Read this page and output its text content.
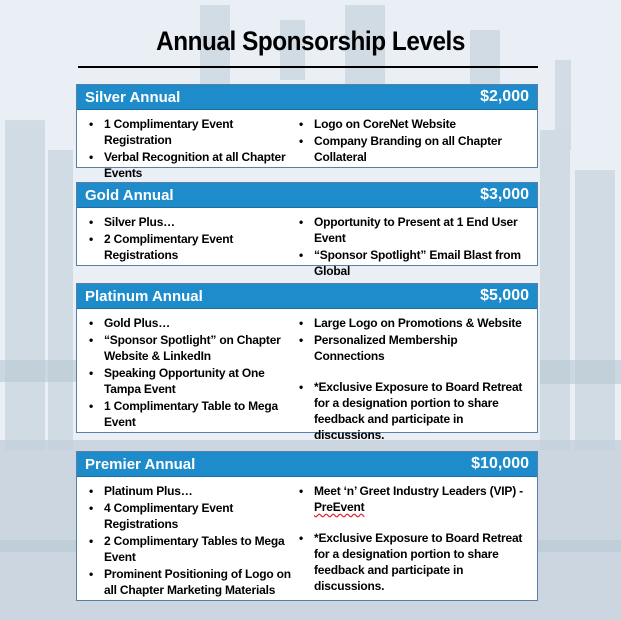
Annual Sponsorship Levels
Silver Annual	$2,000
• 1 Complimentary Event Registration
• Verbal Recognition at all Chapter Events
• Logo on CoreNet Website
• Company Branding on all Chapter Collateral
Gold Annual	$3,000
• Silver Plus…
• 2 Complimentary Event Registrations
• Opportunity to Present at 1 End User Event
• “Sponsor Spotlight” Email Blast from Global
Platinum Annual	$5,000
• Gold Plus…
• “Sponsor Spotlight” on Chapter Website & LinkedIn
• Speaking Opportunity at One Tampa Event
• 1 Complimentary Table to Mega Event
• Large Logo on Promotions & Website
• Personalized Membership Connections
• *Exclusive Exposure to Board Retreat for a designation portion to share feedback and participate in discussions.
Premier Annual	$10,000
• Platinum Plus…
• 4 Complimentary Event Registrations
• 2 Complimentary Tables to Mega Event
• Prominent Positioning of Logo on all Chapter Marketing Materials
• Meet ‘n’ Greet Industry Leaders (VIP) -
PreEvent
• *Exclusive Exposure to Board Retreat for a designation portion to share feedback and participate in discussions.
